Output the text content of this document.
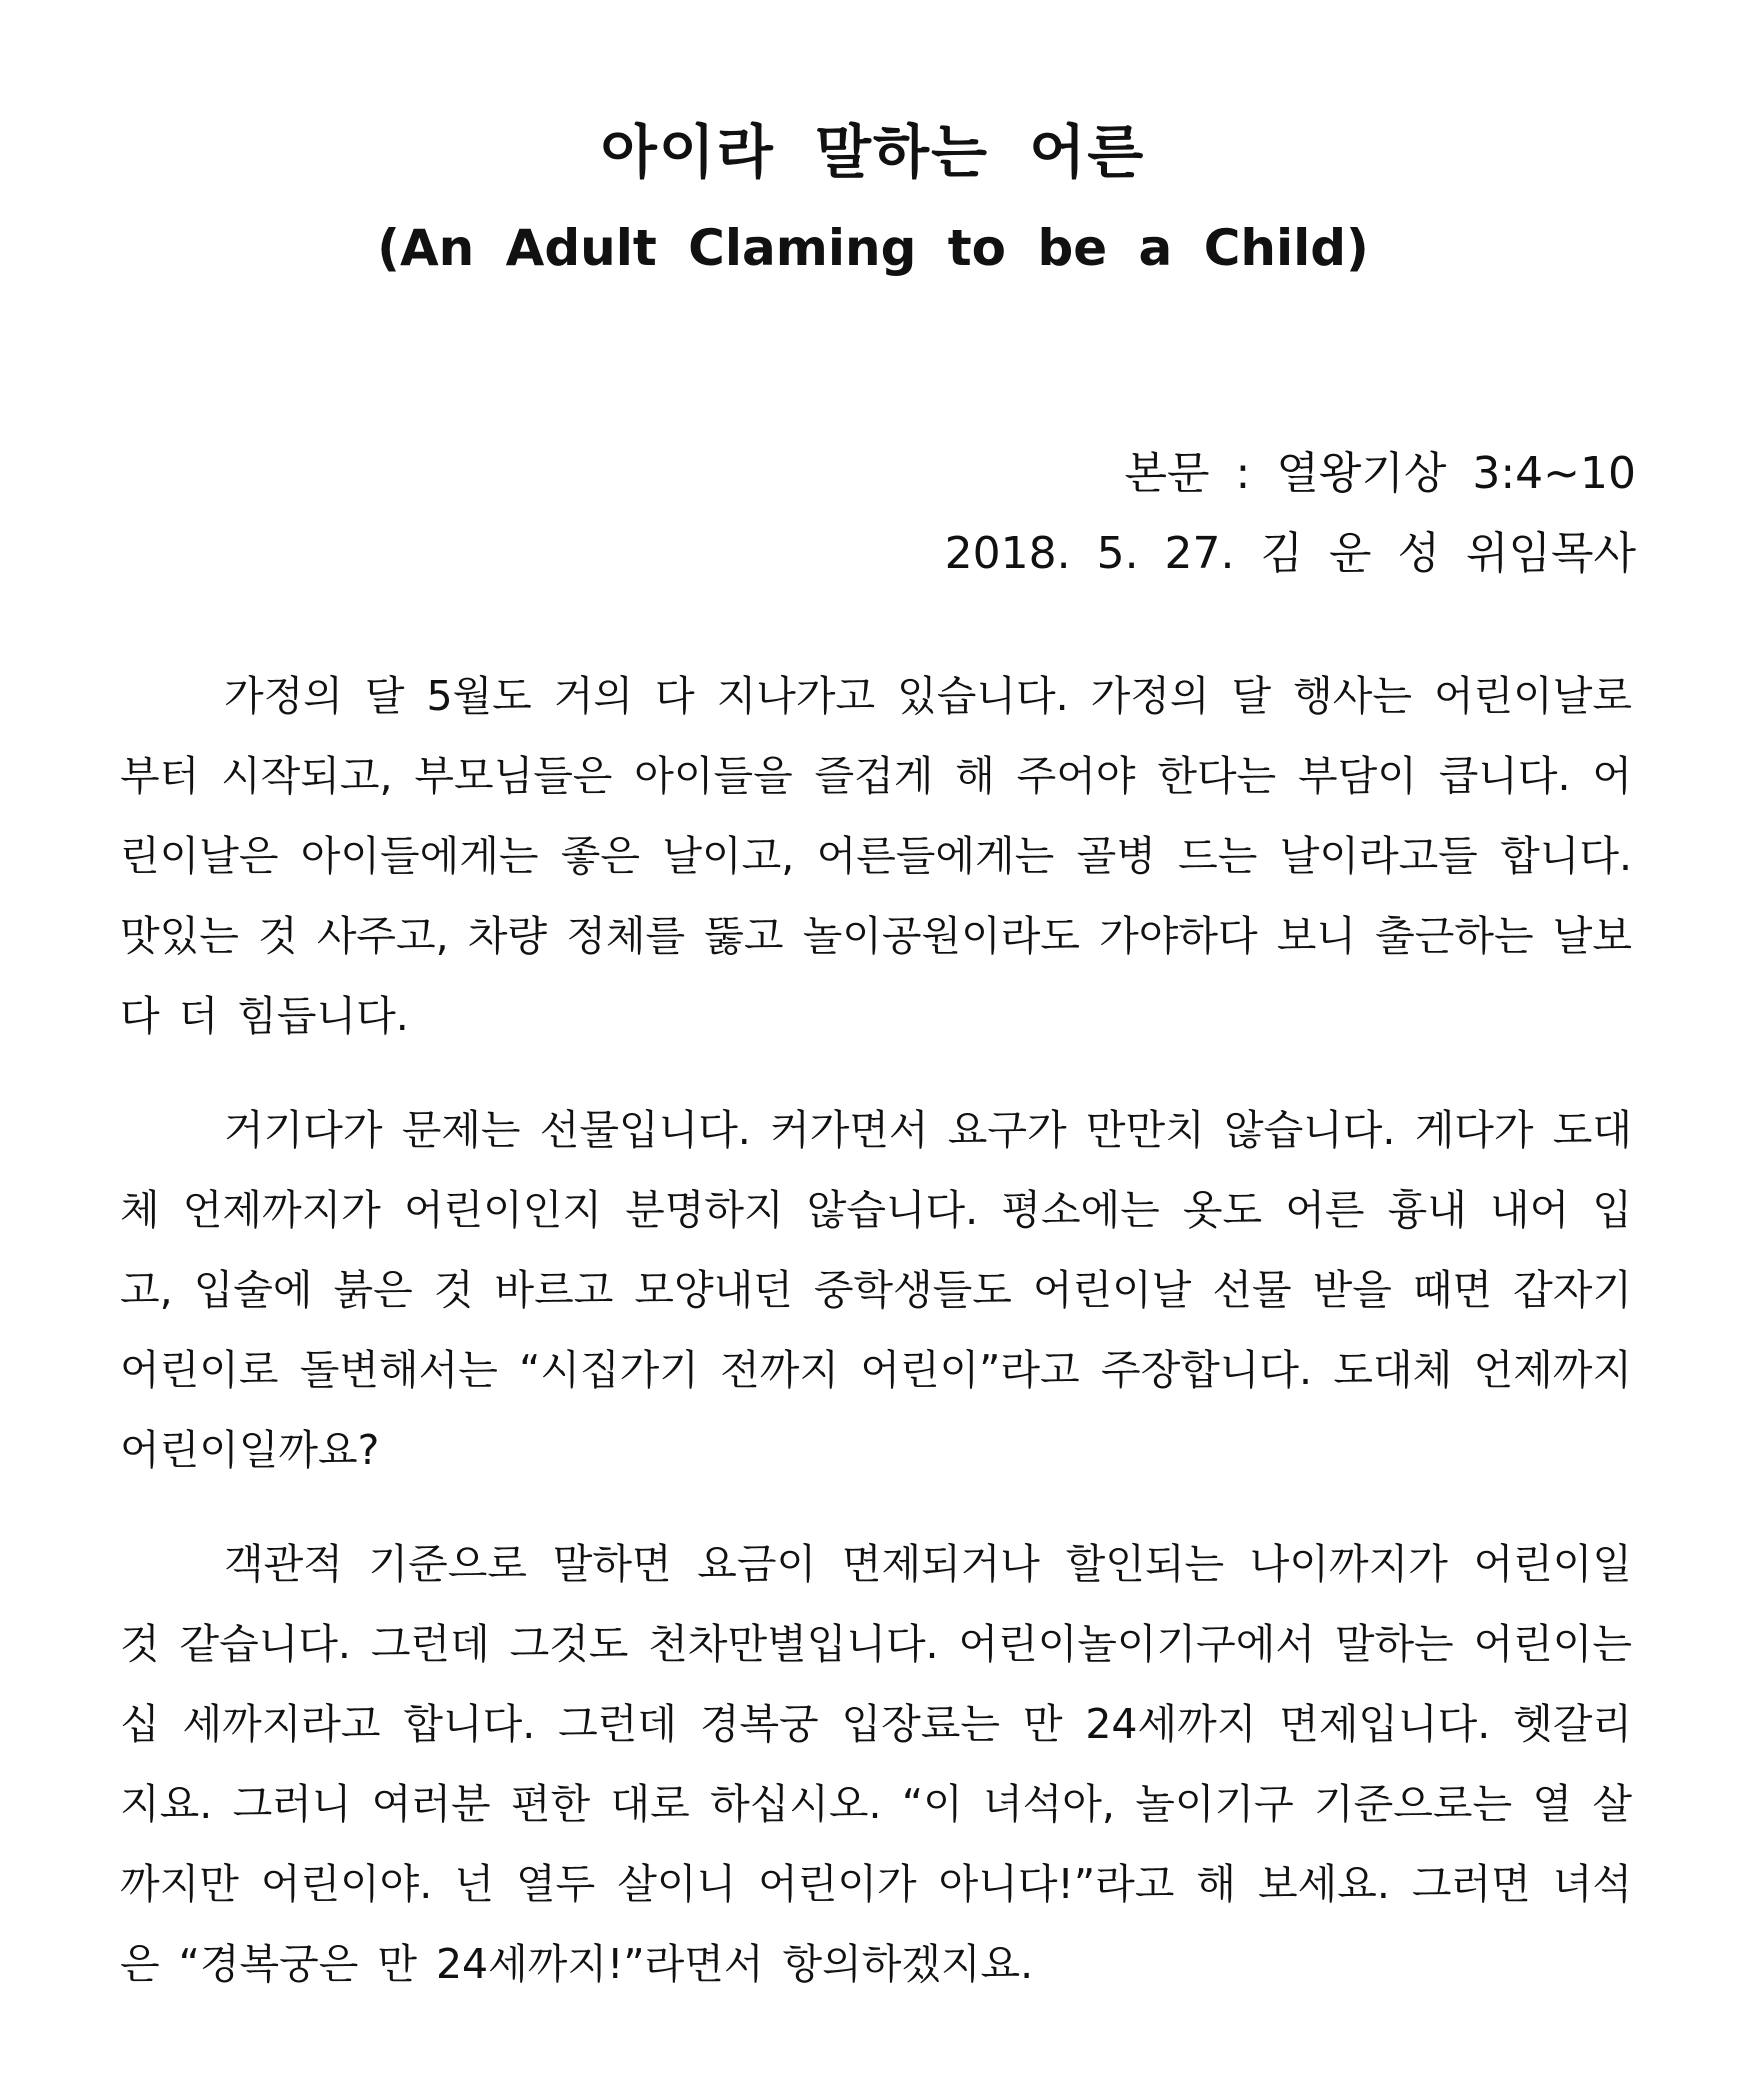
아이라 말하는 어른
(An Adult Claming to be a Child)
본문 : 열왕기상 3:4~10
2018. 5. 27. 김 운 성 위임목사

가정의 달 5월도 거의 다 지나가고 있습니다. 가정의 달 행사는 어린이날로부터 시작되고, 부모님들은 아이들을 즐겁게 해 주어야 한다는 부담이 큽니다. 어린이날은 아이들에게는 좋은 날이고, 어른들에게는 골병 드는 날이라고들 합니다. 맛있는 것 사주고, 차량 정체를 뚫고 놀이공원이라도 가야하다 보니 출근하는 날보다 더 힘듭니다.

거기다가 문제는 선물입니다. 커가면서 요구가 만만치 않습니다. 게다가 도대체 언제까지가 어린이인지 분명하지 않습니다. 평소에는 옷도 어른 흉내 내어 입고, 입술에 붉은 것 바르고 모양내던 중학생들도 어린이날 선물 받을 때면 갑자기 어린이로 돌변해서는 “시집가기 전까지 어린이”라고 주장합니다. 도대체 언제까지 어린이일까요?

객관적 기준으로 말하면 요금이 면제되거나 할인되는 나이까지가 어린이일 것 같습니다. 그런데 그것도 천차만별입니다. 어린이놀이기구에서 말하는 어린이는 십 세까지라고 합니다. 그런데 경복궁 입장료는 만 24세까지 면제입니다. 헷갈리지요. 그러니 여러분 편한 대로 하십시오. “이 녀석아, 놀이기구 기준으로는 열 살까지만 어린이야. 넌 열두 살이니 어린이가 아니다!”라고 해 보세요. 그러면 녀석은 “경복궁은 만 24세까지!”라면서 항의하겠지요.
